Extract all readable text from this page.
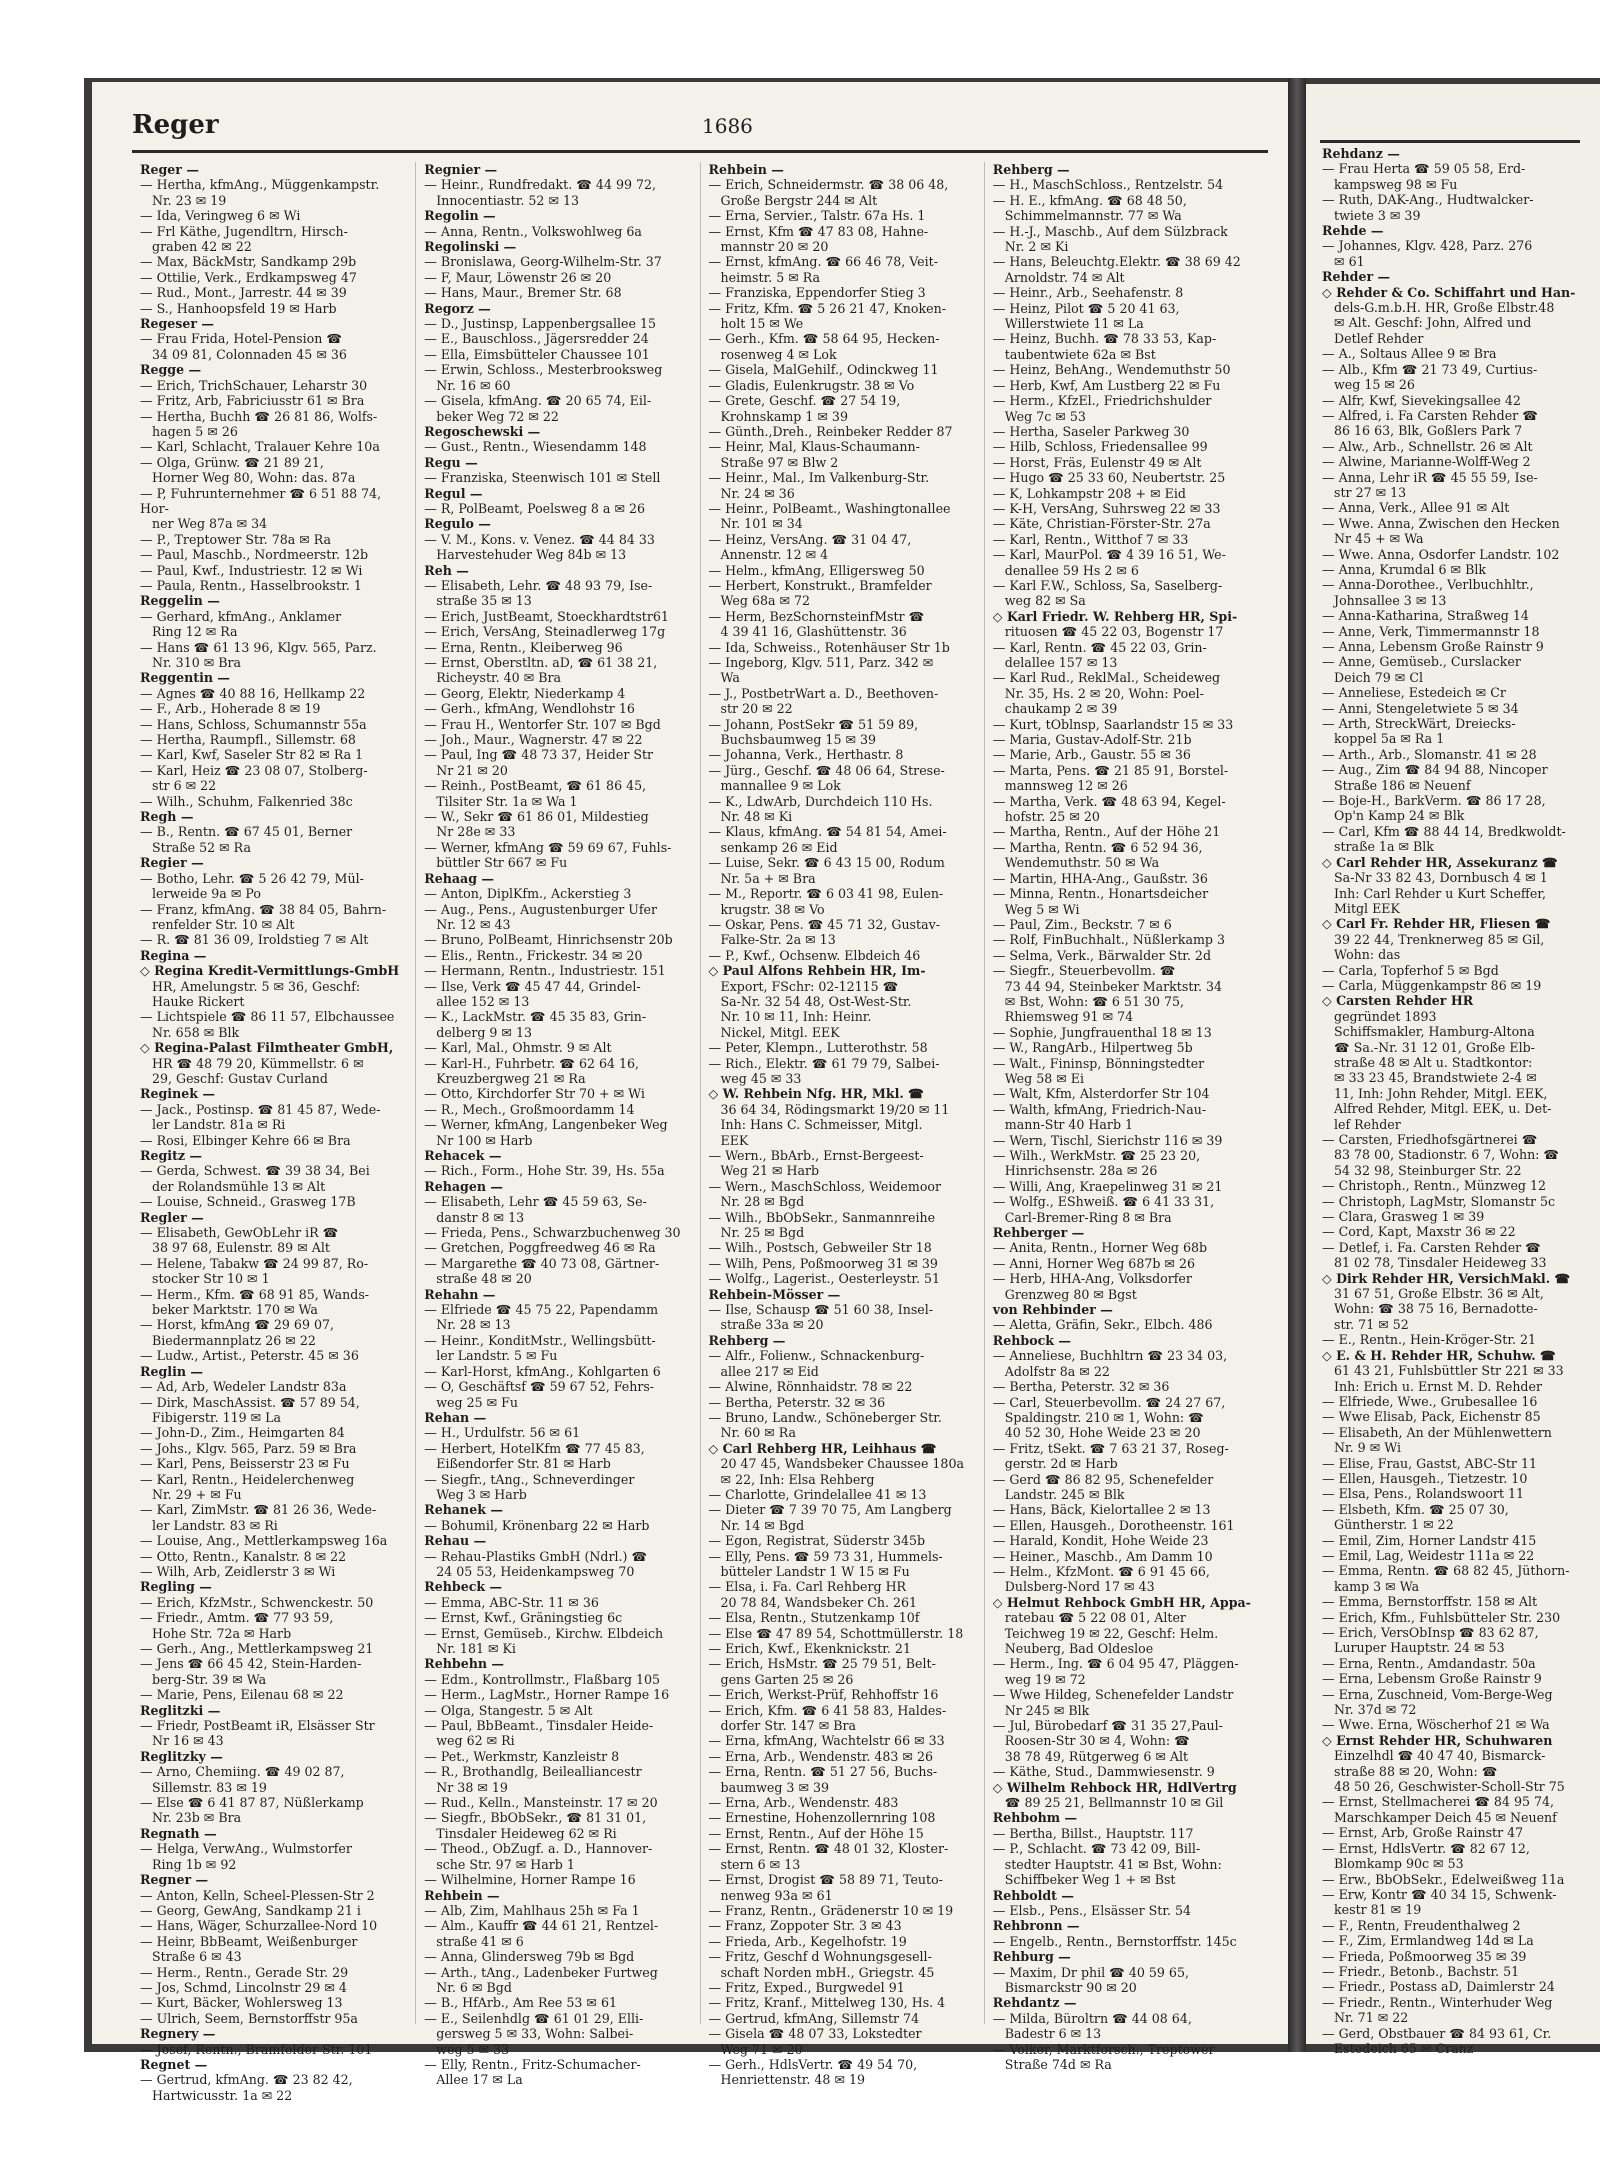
Reger	1686

Reger —

— Hertha, kfmAng., Müggenkampstr.

Nr. 23 ✉ 19

— Ida, Veringweg 6 ✉ Wi

— Frl Käthe, Jugendltrn, Hirsch-

graben 42 ✉ 22

— Max, BäckMstr, Sandkamp 29b

— Ottilie, Verk., Erdkampsweg 47

— Rud., Mont., Jarrestr. 44 ✉ 39

— S., Hanhoopsfeld 19 ✉ Harb

Regeser —

— Frau Frida, Hotel-Pension ☎

34 09 81, Colonnaden 45 ✉ 36

Regge —

— Erich, TrichSchauer, Leharstr 30

— Fritz, Arb, Fabriciusstr 61 ✉ Bra

— Hertha, Buchh ☎ 26 81 86, Wolfs-

hagen 5 ✉ 26

— Karl, Schlacht, Tralauer Kehre 10a

— Olga, Grünw. ☎ 21 89 21,

Horner Weg 80, Wohn: das. 87a

— P, Fuhrunternehmer ☎ 6 51 88 74, Hor-

ner Weg 87a ✉ 34

— P., Treptower Str. 78a ✉ Ra

— Paul, Maschb., Nordmeerstr. 12b

— Paul, Kwf., Industriestr. 12 ✉ Wi

— Paula, Rentn., Hasselbrookstr. 1

Reggelin —

— Gerhard, kfmAng., Anklamer

Ring 12 ✉ Ra

— Hans ☎ 61 13 96, Klgv. 565, Parz.

Nr. 310 ✉ Bra

Reggentin —

— Agnes ☎ 40 88 16, Hellkamp 22

— F., Arb., Hoherade 8 ✉ 19

— Hans, Schloss, Schumannstr 55a

— Hertha, Raumpfl., Sillemstr. 68

— Karl, Kwf, Saseler Str 82 ✉ Ra 1

— Karl, Heiz ☎ 23 08 07, Stolberg-

str 6 ✉ 22

— Wilh., Schuhm, Falkenried 38c

Regh —

— B., Rentn. ☎ 67 45 01, Berner

Straße 52 ✉ Ra

Regier —

— Botho, Lehr. ☎ 5 26 42 79, Mül-

lerweide 9a ✉ Po

— Franz, kfmAng. ☎ 38 84 05, Bahrn-

renfelder Str. 10 ✉ Alt

— R. ☎ 81 36 09, Iroldstieg 7 ✉ Alt

Regina —

◇ Regina Kredit-Vermittlungs-GmbH

HR, Amelungstr. 5 ✉ 36, Geschf:

Hauke Rickert

— Lichtspiele ☎ 86 11 57, Elbchaussee

Nr. 658 ✉ Blk

◇ Regina-Palast Filmtheater GmbH,

HR ☎ 48 79 20, Kümmellstr. 6 ✉

29, Geschf: Gustav Curland

Reginek —

— Jack., Postinsp. ☎ 81 45 87, Wede-

ler Landstr. 81a ✉ Ri

— Rosi, Elbinger Kehre 66 ✉ Bra

Regitz —

— Gerda, Schwest. ☎ 39 38 34, Bei

der Rolandsmühle 13 ✉ Alt

— Louise, Schneid., Grasweg 17B

Regler —

— Elisabeth, GewObLehr iR ☎

38 97 68, Eulenstr. 89 ✉ Alt

— Helene, Tabakw ☎ 24 99 87, Ro-

stocker Str 10 ✉ 1

— Herm., Kfm. ☎ 68 91 85, Wands-

beker Marktstr. 170 ✉ Wa

— Horst, kfmAng ☎ 29 69 07,

Biedermannplatz 26 ✉ 22

— Ludw., Artist., Peterstr. 45 ✉ 36

Reglin —

— Ad, Arb, Wedeler Landstr 83a

— Dirk, MaschAssist. ☎ 57 89 54,

Fibigerstr. 119 ✉ La

— John-D., Zim., Heimgarten 84

— Johs., Klgv. 565, Parz. 59 ✉ Bra

— Karl, Pens, Beisserstr 23 ✉ Fu

— Karl, Rentn., Heidelerchenweg

Nr. 29 + ✉ Fu

— Karl, ZimMstr. ☎ 81 26 36, Wede-

ler Landstr. 83 ✉ Ri

— Louise, Ang., Mettlerkampsweg 16a

— Otto, Rentn., Kanalstr. 8 ✉ 22

— Wilh, Arb, Zeidlerstr 3 ✉ Wi

Regling —

— Erich, KfzMstr., Schwenckestr. 50

— Friedr., Amtm. ☎ 77 93 59,

Hohe Str. 72a ✉ Harb

— Gerh., Ang., Mettlerkampsweg 21

— Jens ☎ 66 45 42, Stein-Harden-

berg-Str. 39 ✉ Wa

— Marie, Pens, Eilenau 68 ✉ 22

Reglitzki —

— Friedr, PostBeamt iR, Elsässer Str

Nr 16 ✉ 43

Reglitzky —

— Arno, Chemiing. ☎ 49 02 87,

Sillemstr. 83 ✉ 19

— Else ☎ 6 41 87 87, Nüßlerkamp

Nr. 23b ✉ Bra

Regnath —

— Helga, VerwAng., Wulmstorfer

Ring 1b ✉ 92

Regner —

— Anton, Kelln, Scheel-Plessen-Str 2

— Georg, GewAng, Sandkamp 21 i

— Hans, Wäger, Schurzallee-Nord 10

— Heinr, BbBeamt, Weißenburger

Straße 6 ✉ 43

— Herm., Rentn., Gerade Str. 29

— Jos, Schmd, Lincolnstr 29 ✉ 4

— Kurt, Bäcker, Wohlersweg 13

— Ulrich, Seem, Bernstorffstr 95a

Regnery —

— Josef, Rentn., Bramfelder Str. 101

Regnet —

— Gertrud, kfmAng. ☎ 23 82 42,

Hartwicusstr. 1a ✉ 22

Regnier —

— Heinr., Rundfredakt. ☎ 44 99 72,

Innocentiastr. 52 ✉ 13

Regolin —

— Anna, Rentn., Volkswohlweg 6a

Regolinski —

— Bronislawa, Georg-Wilhelm-Str. 37

— F, Maur, Löwenstr 26 ✉ 20

— Hans, Maur., Bremer Str. 68

Regorz —

— D., Justinsp, Lappenbergsallee 15

— E., Bauschloss., Jägersredder 24

— Ella, Eimsbütteler Chaussee 101

— Erwin, Schloss., Mesterbrooksweg

Nr. 16 ✉ 60

— Gisela, kfmAng. ☎ 20 65 74, Eil-

beker Weg 72 ✉ 22

Regoschewski —

— Gust., Rentn., Wiesendamm 148

Regu —

— Franziska, Steenwisch 101 ✉ Stell

Regul —

— R, PolBeamt, Poelsweg 8 a ✉ 26

Regulo —

— V. M., Kons. v. Venez. ☎ 44 84 33

Harvestehuder Weg 84b ✉ 13

Reh —

— Elisabeth, Lehr. ☎ 48 93 79, Ise-

straße 35 ✉ 13

— Erich, JustBeamt, Stoeckhardtstr61

— Erich, VersAng, Steinadlerweg 17g

— Erna, Rentn., Kleiberweg 96

— Ernst, Oberstltn. aD, ☎ 61 38 21,

Richeystr. 40 ✉ Bra

— Georg, Elektr, Niederkamp 4

— Gerh., kfmAng, Wendlohstr 16

— Frau H., Wentorfer Str. 107 ✉ Bgd

— Joh., Maur., Wagnerstr. 47 ✉ 22

— Paul, Ing ☎ 48 73 37, Heider Str

Nr 21 ✉ 20

— Reinh., PostBeamt, ☎ 61 86 45,

Tilsiter Str. 1a ✉ Wa 1

— W., Sekr ☎ 61 86 01, Mildestieg

Nr 28e ✉ 33

— Werner, kfmAng ☎ 59 69 67, Fuhls-

büttler Str 667 ✉ Fu

Rehaag —

— Anton, DiplKfm., Ackerstieg 3

— Aug., Pens., Augustenburger Ufer

Nr. 12 ✉ 43

— Bruno, PolBeamt, Hinrichsenstr 20b

— Elis., Rentn., Frickestr. 34 ✉ 20

— Hermann, Rentn., Industriestr. 151

— Ilse, Verk ☎ 45 47 44, Grindel-

allee 152 ✉ 13

— K., LackMstr. ☎ 45 35 83, Grin-

delberg 9 ✉ 13

— Karl, Mal., Ohmstr. 9 ✉ Alt

— Karl-H., Fuhrbetr. ☎ 62 64 16,

Kreuzbergweg 21 ✉ Ra

— Otto, Kirchdorfer Str 70 + ✉ Wi

— R., Mech., Großmoordamm 14

— Werner, kfmAng, Langenbeker Weg

Nr 100 ✉ Harb

Rehacek —

— Rich., Form., Hohe Str. 39, Hs. 55a

Rehagen —

— Elisabeth, Lehr ☎ 45 59 63, Se-

danstr 8 ✉ 13

— Frieda, Pens., Schwarzbuchenweg 30

— Gretchen, Poggfreedweg 46 ✉ Ra

— Margarethe ☎ 40 73 08, Gärtner-

straße 48 ✉ 20

Rehahn —

— Elfriede ☎ 45 75 22, Papendamm

Nr. 28 ✉ 13

— Heinr., KonditMstr., Wellingsbütt-

ler Landstr. 5 ✉ Fu

— Karl-Horst, kfmAng., Kohlgarten 6

— O, Geschäftsf ☎ 59 67 52, Fehrs-

weg 25 ✉ Fu

Rehan —

— H., Urdulfstr. 56 ✉ 61

— Herbert, HotelKfm ☎ 77 45 83,

Eißendorfer Str. 81 ✉ Harb

— Siegfr., tAng., Schneverdinger

Weg 3 ✉ Harb

Rehanek —

— Bohumil, Krönenbarg 22 ✉ Harb

Rehau —

— Rehau-Plastiks GmbH (Ndrl.) ☎

24 05 53, Heidenkampsweg 70

Rehbeck —

— Emma, ABC-Str. 11 ✉ 36

— Ernst, Kwf., Gräningstieg 6c

— Ernst, Gemüseb., Kirchw. Elbdeich

Nr. 181 ✉ Ki

Rehbehn —

— Edm., Kontrollmstr., Flaßbarg 105

— Herm., LagMstr., Horner Rampe 16

— Olga, Stangestr. 5 ✉ Alt

— Paul, BbBeamt., Tinsdaler Heide-

weg 62 ✉ Ri

— Pet., Werkmstr, Kanzleistr 8

— R., Brothandlg, Beilealliancestr

Nr 38 ✉ 19

— Rud., Kelln., Mansteinstr. 17 ✉ 20

— Siegfr., BbObSekr., ☎ 81 31 01,

Tinsdaler Heideweg 62 ✉ Ri

— Theod., ObZugf. a. D., Hannover-

sche Str. 97 ✉ Harb 1

— Wilhelmine, Horner Rampe 16

Rehbein —

— Alb, Zim, Mahlhaus 25h ✉ Fa 1

— Alm., Kauffr ☎ 44 61 21, Rentzel-

straße 41 ✉ 6

— Anna, Glindersweg 79b ✉ Bgd

— Arth., tAng., Ladenbeker Furtweg

Nr. 6 ✉ Bgd

— B., HfArb., Am Ree 53 ✉ 61

— E., Seilenhdlg ☎ 61 01 29, Elli-

gersweg 5 ✉ 33, Wohn: Salbei-

weg 5 ✉ 33

— Elly, Rentn., Fritz-Schumacher-

Allee 17 ✉ La

Rehbein —

— Erich, Schneidermstr. ☎ 38 06 48,

Große Bergstr 244 ✉ Alt

— Erna, Servier., Talstr. 67a Hs. 1

— Ernst, Kfm ☎ 47 83 08, Hahne-

mannstr 20 ✉ 20

— Ernst, kfmAng. ☎ 66 46 78, Veit-

heimstr. 5 ✉ Ra

— Franziska, Eppendorfer Stieg 3

— Fritz, Kfm. ☎ 5 26 21 47, Knoken-

holt 15 ✉ We

— Gerh., Kfm. ☎ 58 64 95, Hecken-

rosenweg 4 ✉ Lok

— Gisela, MalGehilf., Odinckweg 11

— Gladis, Eulenkrugstr. 38 ✉ Vo

— Grete, Geschf. ☎ 27 54 19,

Krohnskamp 1 ✉ 39

— Günth.,Dreh., Reinbeker Redder 87

— Heinr, Mal, Klaus-Schaumann-

Straße 97 ✉ Blw 2

— Heinr., Mal., Im Valkenburg-Str.

Nr. 24 ✉ 36

— Heinr., PolBeamt., Washingtonallee

Nr. 101 ✉ 34

— Heinz, VersAng. ☎ 31 04 47,

Annenstr. 12 ✉ 4

— Helm., kfmAng, Elligersweg 50

— Herbert, Konstrukt., Bramfelder

Weg 68a ✉ 72

— Herm, BezSchornsteinfMstr ☎

4 39 41 16, Glashüttenstr. 36

— Ida, Schweiss., Rotenhäuser Str 1b

— Ingeborg, Klgv. 511, Parz. 342 ✉

Wa

— J., PostbetrWart a. D., Beethoven-

str 20 ✉ 22

— Johann, PostSekr ☎ 51 59 89,

Buchsbaumweg 15 ✉ 39

— Johanna, Verk., Herthastr. 8

— Jürg., Geschf. ☎ 48 06 64, Strese-

mannallee 9 ✉ Lok

— K., LdwArb, Durchdeich 110 Hs.

Nr. 48 ✉ Ki

— Klaus, kfmAng. ☎ 54 81 54, Amei-

senkamp 26 ✉ Eid

— Luise, Sekr. ☎ 6 43 15 00, Rodum

Nr. 5a + ✉ Bra

— M., Reportr. ☎ 6 03 41 98, Eulen-

krugstr. 38 ✉ Vo

— Oskar, Pens. ☎ 45 71 32, Gustav-

Falke-Str. 2a ✉ 13

— P., Kwf., Ochsenw. Elbdeich 46

◇ Paul Alfons Rehbein HR, Im-

Export, FSchr: 02-12115 ☎

Sa-Nr. 32 54 48, Ost-West-Str.

Nr. 10 ✉ 11, Inh: Heinr.

Nickel, Mitgl. EEK

— Peter, Klempn., Lutterothstr. 58

— Rich., Elektr. ☎ 61 79 79, Salbei-

weg 45 ✉ 33

◇ W. Rehbein Nfg. HR, Mkl. ☎

36 64 34, Rödingsmarkt 19/20 ✉ 11

Inh: Hans C. Schmeisser, Mitgl.

EEK

— Wern., BbArb., Ernst-Bergeest-

Weg 21 ✉ Harb

— Wern., MaschSchloss, Weidemoor

Nr. 28 ✉ Bgd

— Wilh., BbObSekr., Sanmannreihe

Nr. 25 ✉ Bgd

— Wilh., Postsch, Gebweiler Str 18

— Wilh, Pens, Poßmoorweg 31 ✉ 39

— Wolfg., Lagerist., Oesterleystr. 51

Rehbein-Mösser —

— Ilse, Schausp ☎ 51 60 38, Insel-

straße 33a ✉ 20

Rehberg —

— Alfr., Folienw., Schnackenburg-

allee 217 ✉ Eid

— Alwine, Rönnhaidstr. 78 ✉ 22

— Bertha, Peterstr. 32 ✉ 36

— Bruno, Landw., Schöneberger Str.

Nr. 60 ✉ Ra

◇ Carl Rehberg HR, Leihhaus ☎

20 47 45, Wandsbeker Chaussee 180a

✉ 22, Inh: Elsa Rehberg

— Charlotte, Grindelallee 41 ✉ 13

— Dieter ☎ 7 39 70 75, Am Langberg

Nr. 14 ✉ Bgd

— Egon, Registrat, Süderstr 345b

— Elly, Pens. ☎ 59 73 31, Hummels-

bütteler Landstr 1 W 15 ✉ Fu

— Elsa, i. Fa. Carl Rehberg HR

20 78 84, Wandsbeker Ch. 261

— Elsa, Rentn., Stutzenkamp 10f

— Else ☎ 47 89 54, Schottmüllerstr. 18

— Erich, Kwf., Ekenknickstr. 21

— Erich, HsMstr. ☎ 25 79 51, Belt-

gens Garten 25 ✉ 26

— Erich, Werkst-Prüf, Rehhoffstr 16

— Erich, Kfm. ☎ 6 41 58 83, Haldes-

dorfer Str. 147 ✉ Bra

— Erna, kfmAng, Wachtelstr 66 ✉ 33

— Erna, Arb., Wendenstr. 483 ✉ 26

— Erna, Rentn. ☎ 51 27 56, Buchs-

baumweg 3 ✉ 39

— Erna, Arb., Wendenstr. 483

— Ernestine, Hohenzollernring 108

— Ernst, Rentn., Auf der Höhe 15

— Ernst, Rentn. ☎ 48 01 32, Kloster-

stern 6 ✉ 13

— Ernst, Drogist ☎ 58 89 71, Teuto-

nenweg 93a ✉ 61

— Franz, Rentn., Grädenerstr 10 ✉ 19

— Franz, Zoppoter Str. 3 ✉ 43

— Frieda, Arb., Kegelhofstr. 19

— Fritz, Geschf d Wohnungsgesell-

schaft Norden mbH., Griegstr. 45

— Fritz, Exped., Burgwedel 91

— Fritz, Kranf., Mittelweg 130, Hs. 4

— Gertrud, kfmAng, Sillemstr 74

— Gisela ☎ 48 07 33, Lokstedter

Weg 71 ✉ 20

— Gerh., HdlsVertr. ☎ 49 54 70,

Henriettenstr. 48 ✉ 19

Rehberg —

— H., MaschSchloss., Rentzelstr. 54

— H. E., kfmAng. ☎ 68 48 50,

Schimmelmannstr. 77 ✉ Wa

— H.-J., Maschb., Auf dem Sülzbrack

Nr. 2 ✉ Ki

— Hans, Beleuchtg.Elektr. ☎ 38 69 42

Arnoldstr. 74 ✉ Alt

— Heinr., Arb., Seehafenstr. 8

— Heinz, Pilot ☎ 5 20 41 63,

Willerstwiete 11 ✉ La

— Heinz, Buchh. ☎ 78 33 53, Kap-

taubentwiete 62a ✉ Bst

— Heinz, BehAng., Wendemuthstr 50

— Herb, Kwf, Am Lustberg 22 ✉ Fu

— Herm., KfzEl., Friedrichshulder

Weg 7c ✉ 53

— Hertha, Saseler Parkweg 30

— Hilb, Schloss, Friedensallee 99

— Horst, Fräs, Eulenstr 49 ✉ Alt

— Hugo ☎ 25 33 60, Neubertstr. 25

— K, Lohkampstr 208 + ✉ Eid

— K-H, VersAng, Suhrsweg 22 ✉ 33

— Käte, Christian-Förster-Str. 27a

— Karl, Rentn., Witthof 7 ✉ 33

— Karl, MaurPol. ☎ 4 39 16 51, We-

denallee 59 Hs 2 ✉ 6

— Karl F.W., Schloss, Sa, Saselberg-

weg 82 ✉ Sa

◇ Karl Friedr. W. Rehberg HR, Spi-

rituosen ☎ 45 22 03, Bogenstr 17

— Karl, Rentn. ☎ 45 22 03, Grin-

delallee 157 ✉ 13

— Karl Rud., ReklMal., Scheideweg

Nr. 35, Hs. 2 ✉ 20, Wohn: Poel-

chaukamp 2 ✉ 39

— Kurt, tOblnsp, Saarlandstr 15 ✉ 33

— Maria, Gustav-Adolf-Str. 21b

— Marie, Arb., Gaustr. 55 ✉ 36

— Marta, Pens. ☎ 21 85 91, Borstel-

mannsweg 12 ✉ 26

— Martha, Verk. ☎ 48 63 94, Kegel-

hofstr. 25 ✉ 20

— Martha, Rentn., Auf der Höhe 21

— Martha, Rentn. ☎ 6 52 94 36,

Wendemuthstr. 50 ✉ Wa

— Martin, HHA-Ang., Gaußstr. 36

— Minna, Rentn., Honartsdeicher

Weg 5 ✉ Wi

— Paul, Zim., Beckstr. 7 ✉ 6

— Rolf, FinBuchhalt., Nüßlerkamp 3

— Selma, Verk., Bärwalder Str. 2d

— Siegfr., Steuerbevollm. ☎

73 44 94, Steinbeker Marktstr. 34

✉ Bst, Wohn: ☎ 6 51 30 75,

Rhiemsweg 91 ✉ 74

— Sophie, Jungfrauenthal 18 ✉ 13

— W., RangArb., Hilpertweg 5b

— Walt., Fininsp, Bönningstedter

Weg 58 ✉ Ei

— Walt, Kfm, Alsterdorfer Str 104

— Walth, kfmAng, Friedrich-Nau-

mann-Str 40 Harb 1

— Wern, Tischl, Sierichstr 116 ✉ 39

— Wilh., WerkMstr. ☎ 25 23 20,

Hinrichsenstr. 28a ✉ 26

— Willi, Ang, Kraepelinweg 31 ✉ 21

— Wolfg., EShweiß. ☎ 6 41 33 31,

Carl-Bremer-Ring 8 ✉ Bra

Rehberger —

— Anita, Rentn., Horner Weg 68b

— Anni, Horner Weg 687b ✉ 26

— Herb, HHA-Ang, Volksdorfer

Grenzweg 80 ✉ Bgst

von Rehbinder —

— Aletta, Gräfin, Sekr., Elbch. 486

Rehbock —

— Anneliese, Buchhltrn ☎ 23 34 03,

Adolfstr 8a ✉ 22

— Bertha, Peterstr. 32 ✉ 36

— Carl, Steuerbevollm. ☎ 24 27 67,

Spaldingstr. 210 ✉ 1, Wohn: ☎

40 52 30, Hohe Weide 23 ✉ 20

— Fritz, tSekt. ☎ 7 63 21 37, Roseg-

gerstr. 2d ✉ Harb

— Gerd ☎ 86 82 95, Schenefelder

Landstr. 245 ✉ Blk

— Hans, Bäck, Kielortallee 2 ✉ 13

— Ellen, Hausgeh., Dorotheenstr. 161

— Harald, Kondit, Hohe Weide 23

— Heiner., Maschb., Am Damm 10

— Helm., KfzMont. ☎ 6 91 45 66,

Dulsberg-Nord 17 ✉ 43

◇ Helmut Rehbock GmbH HR, Appa-

ratebau ☎ 5 22 08 01, Alter

Teichweg 19 ✉ 22, Geschf: Helm.

Neuberg, Bad Oldesloe

— Herm., Ing. ☎ 6 04 95 47, Pläggen-

weg 19 ✉ 72

— Wwe Hildeg, Schenefelder Landstr

Nr 245 ✉ Blk

— Jul, Bürobedarf ☎ 31 35 27,Paul-

Roosen-Str 30 ✉ 4, Wohn: ☎

38 78 49, Rütgerweg 6 ✉ Alt

— Käthe, Stud., Dammwiesenstr. 9

◇ Wilhelm Rehbock HR, HdlVertrg

☎ 89 25 21, Bellmannstr 10 ✉ Gil

Rehbohm —

— Bertha, Billst., Hauptstr. 117

— P., Schlacht. ☎ 73 42 09, Bill-

stedter Hauptstr. 41 ✉ Bst, Wohn:

Schiffbeker Weg 1 + ✉ Bst

Rehboldt —

— Elsb., Pens., Elsässer Str. 54

Rehbronn —

— Engelb., Rentn., Bernstorffstr. 145c

Rehburg —

— Maxim, Dr phil ☎ 40 59 65,

Bismarckstr 90 ✉ 20

Rehdantz —

— Milda, Büroltrn ☎ 44 08 64,

Badestr 6 ✉ 13

— Volker, Marktforsch., Treptower

Straße 74d ✉ Ra

Rehdanz —

— Frau Herta ☎ 59 05 58, Erd-

kampsweg 98 ✉ Fu

— Ruth, DAK-Ang., Hudtwalcker-

twiete 3 ✉ 39

Rehde —

— Johannes, Klgv. 428, Parz. 276

✉ 61

Rehder —

◇ Rehder & Co. Schiffahrt und Han-

dels-G.m.b.H. HR, Große Elbstr.48

✉ Alt. Geschf: John, Alfred und

Detlef Rehder

— A., Soltaus Allee 9 ✉ Bra

— Alb., Kfm ☎ 21 73 49, Curtius-

weg 15 ✉ 26

— Alfr, Kwf, Sievekingsallee 42

— Alfred, i. Fa Carsten Rehder ☎

86 16 63, Blk, Goßlers Park 7

— Alw., Arb., Schnellstr. 26 ✉ Alt

— Alwine, Marianne-Wolff-Weg 2

— Anna, Lehr iR ☎ 45 55 59, Ise-

str 27 ✉ 13

— Anna, Verk., Allee 91 ✉ Alt

— Wwe. Anna, Zwischen den Hecken

Nr 45 + ✉ Wa

— Wwe. Anna, Osdorfer Landstr. 102

— Anna, Krumdal 6 ✉ Blk

— Anna-Dorothee., Verlbuchhltr.,

Johnsallee 3 ✉ 13

— Anna-Katharina, Straßweg 14

— Anne, Verk, Timmermannstr 18

— Anna, Lebensm Große Rainstr 9

— Anne, Gemüseb., Curslacker

Deich 79 ✉ Cl

— Anneliese, Estedeich ✉ Cr

— Anni, Stengeletwiete 5 ✉ 34

— Arth, StreckWärt, Dreiecks-

koppel 5a ✉ Ra 1

— Arth., Arb., Slomanstr. 41 ✉ 28

— Aug., Zim ☎ 84 94 88, Nincoper

Straße 186 ✉ Neuenf

— Boje-H., BarkVerm. ☎ 86 17 28,

Op'n Kamp 24 ✉ Blk

— Carl, Kfm ☎ 88 44 14, Bredkwoldt-

straße 1a ✉ Blk

◇ Carl Rehder HR, Assekuranz ☎

Sa-Nr 33 82 43, Dornbusch 4 ✉ 1

Inh: Carl Rehder u Kurt Scheffer,

Mitgl EEK

◇ Carl Fr. Rehder HR, Fliesen ☎

39 22 44, Trenknerweg 85 ✉ Gil,

Wohn: das

— Carla, Topferhof 5 ✉ Bgd

— Carla, Müggenkampstr 86 ✉ 19

◇ Carsten Rehder HR

gegründet 1893

Schiffsmakler, Hamburg-Altona

☎ Sa.-Nr. 31 12 01, Große Elb-

straße 48 ✉ Alt u. Stadtkontor:

✉ 33 23 45, Brandstwiete 2-4 ✉

11, Inh: John Rehder, Mitgl. EEK,

Alfred Rehder, Mitgl. EEK, u. Det-

lef Rehder

— Carsten, Friedhofsgärtnerei ☎

83 78 00, Stadionstr. 6 7, Wohn: ☎

54 32 98, Steinburger Str. 22

— Christoph., Rentn., Münzweg 12

— Christoph, LagMstr, Slomanstr 5c

— Clara, Grasweg 1 ✉ 39

— Cord, Kapt, Maxstr 36 ✉ 22

— Detlef, i. Fa. Carsten Rehder ☎

81 02 78, Tinsdaler Heideweg 33

◇ Dirk Rehder HR, VersichMakl. ☎

31 67 51, Große Elbstr. 36 ✉ Alt,

Wohn: ☎ 38 75 16, Bernadotte-

str. 71 ✉ 52

— E., Rentn., Hein-Kröger-Str. 21

◇ E. & H. Rehder HR, Schuhw. ☎

61 43 21, Fuhlsbüttler Str 221 ✉ 33

Inh: Erich u. Ernst M. D. Rehder

— Elfriede, Wwe., Grubesallee 16

— Wwe Elisab, Pack, Eichenstr 85

— Elisabeth, An der Mühlenwettern

Nr. 9 ✉ Wi

— Elise, Frau, Gastst, ABC-Str 11

— Ellen, Hausgeh., Tietzestr. 10

— Elsa, Pens., Rolandswoort 11

— Elsbeth, Kfm. ☎ 25 07 30,

Güntherstr. 1 ✉ 22

— Emil, Zim, Horner Landstr 415

— Emil, Lag, Weidestr 111a ✉ 22

— Emma, Rentn. ☎ 68 82 45, Jüthorn-

kamp 3 ✉ Wa

— Emma, Bernstorffstr. 158 ✉ Alt

— Erich, Kfm., Fuhlsbütteler Str. 230

— Erich, VersObInsp ☎ 83 62 87,

Luruper Hauptstr. 24 ✉ 53

— Erna, Rentn., Amdandastr. 50a

— Erna, Lebensm Große Rainstr 9

— Erna, Zuschneid, Vom-Berge-Weg

Nr. 37d ✉ 72

— Wwe. Erna, Wöscherhof 21 ✉ Wa

◇ Ernst Rehder HR, Schuhwaren

Einzelhdl ☎ 40 47 40, Bismarck-

straße 88 ✉ 20, Wohn: ☎

48 50 26, Geschwister-Scholl-Str 75

— Ernst, Stellmacherei ☎ 84 95 74,

Marschkamper Deich 45 ✉ Neuenf

— Ernst, Arb, Große Rainstr 47

— Ernst, HdlsVertr. ☎ 82 67 12,

Blomkamp 90c ✉ 53

— Erw., BbObSekr., Edelweißweg 11a

— Erw, Kontr ☎ 40 34 15, Schwenk-

kestr 81 ✉ 19

— F., Rentn, Freudenthalweg 2

— F., Zim, Ermlandweg 14d ✉ La

— Frieda, Poßmoorweg 35 ✉ 39

— Friedr., Betonb., Bachstr. 51

— Friedr., Postass aD, Daimlerstr 24

— Friedr., Rentn., Winterhuder Weg

Nr. 71 ✉ 22

— Gerd, Obstbauer ☎ 84 93 61, Cr.

Estedeich 65 ✉ Cranz
